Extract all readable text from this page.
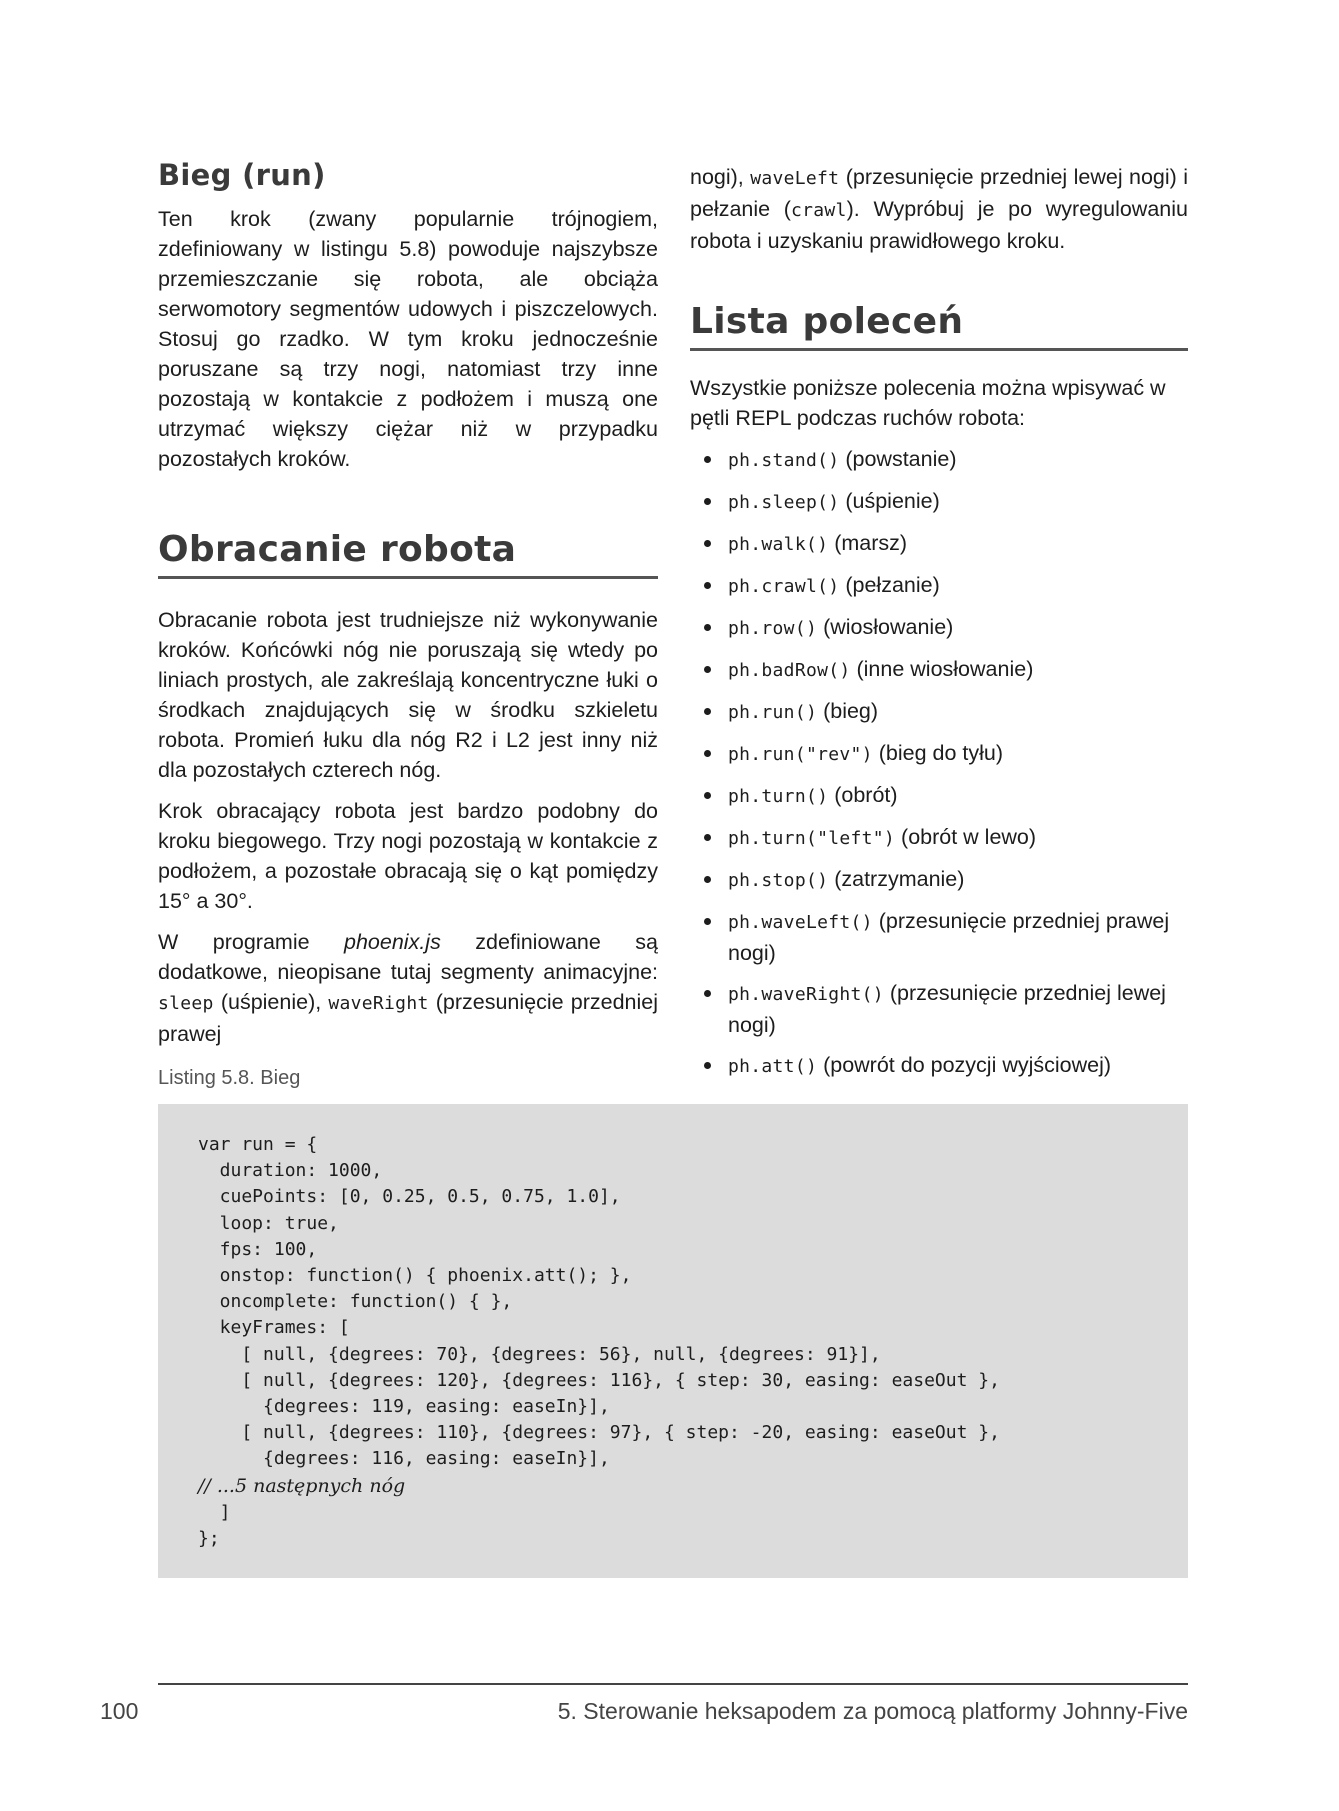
Bieg (run)

Ten krok (zwany popularnie trójnogiem, zdefiniowany w listingu 5.8) powoduje najszybsze przemieszczanie się robota, ale obciąża serwomotory segmentów udowych i piszczelowych. Stosuj go rzadko. W tym kroku jednocześnie poruszane są trzy nogi, natomiast trzy inne pozostają w kontakcie z podłożem i muszą one utrzymać większy ciężar niż w przypadku pozostałych kroków.

Obracanie robota

Obracanie robota jest trudniejsze niż wykonywanie kroków. Końcówki nóg nie poruszają się wtedy po liniach prostych, ale zakreślają koncentryczne łuki o środkach znajdujących się w środku szkieletu robota. Promień łuku dla nóg R2 i L2 jest inny niż dla pozostałych czterech nóg.

Krok obracający robota jest bardzo podobny do kroku biegowego. Trzy nogi pozostają w kontakcie z podłożem, a pozostałe obracają się o kąt pomiędzy 15° a 30°.

W programie phoenix.js zdefiniowane są dodatkowe, nieopisane tutaj segmenty animacyjne: sleep (uśpienie), waveRight (przesunięcie przedniej prawej

nogi), waveLeft (przesunięcie przedniej lewej nogi) i pełzanie (crawl). Wypróbuj je po wyregulowaniu robota i uzyskaniu prawidłowego kroku.

Lista poleceń

Wszystkie poniższe polecenia można wpisywać w pętli REPL podczas ruchów robota:

ph.stand() (powstanie)
ph.sleep() (uśpienie)
ph.walk() (marsz)
ph.crawl() (pełzanie)
ph.row() (wiosłowanie)
ph.badRow() (inne wiosłowanie)
ph.run() (bieg)
ph.run("rev") (bieg do tyłu)
ph.turn() (obrót)
ph.turn("left") (obrót w lewo)
ph.stop() (zatrzymanie)
ph.waveLeft() (przesunięcie przedniej prawej nogi)
ph.waveRight() (przesunięcie przedniej lewej nogi)
ph.att() (powrót do pozycji wyjściowej)
Listing 5.8. Bieg
var run = {
duration: 1000,
cuePoints: [0, 0.25, 0.5, 0.75, 1.0],
loop: true,
fps: 100,
onstop: function() { phoenix.att(); },
oncomplete: function() { },
keyFrames: [
[ null, {degrees: 70}, {degrees: 56}, null, {degrees: 91}],
[ null, {degrees: 120}, {degrees: 116}, { step: 30, easing: easeOut },
{degrees: 119, easing: easeIn}],
[ null, {degrees: 110}, {degrees: 97}, { step: -20, easing: easeOut },
{degrees: 116, easing: easeIn}],
// ...5 następnych nóg
]
};
100	5. Sterowanie heksapodem za pomocą platformy Johnny-Five
